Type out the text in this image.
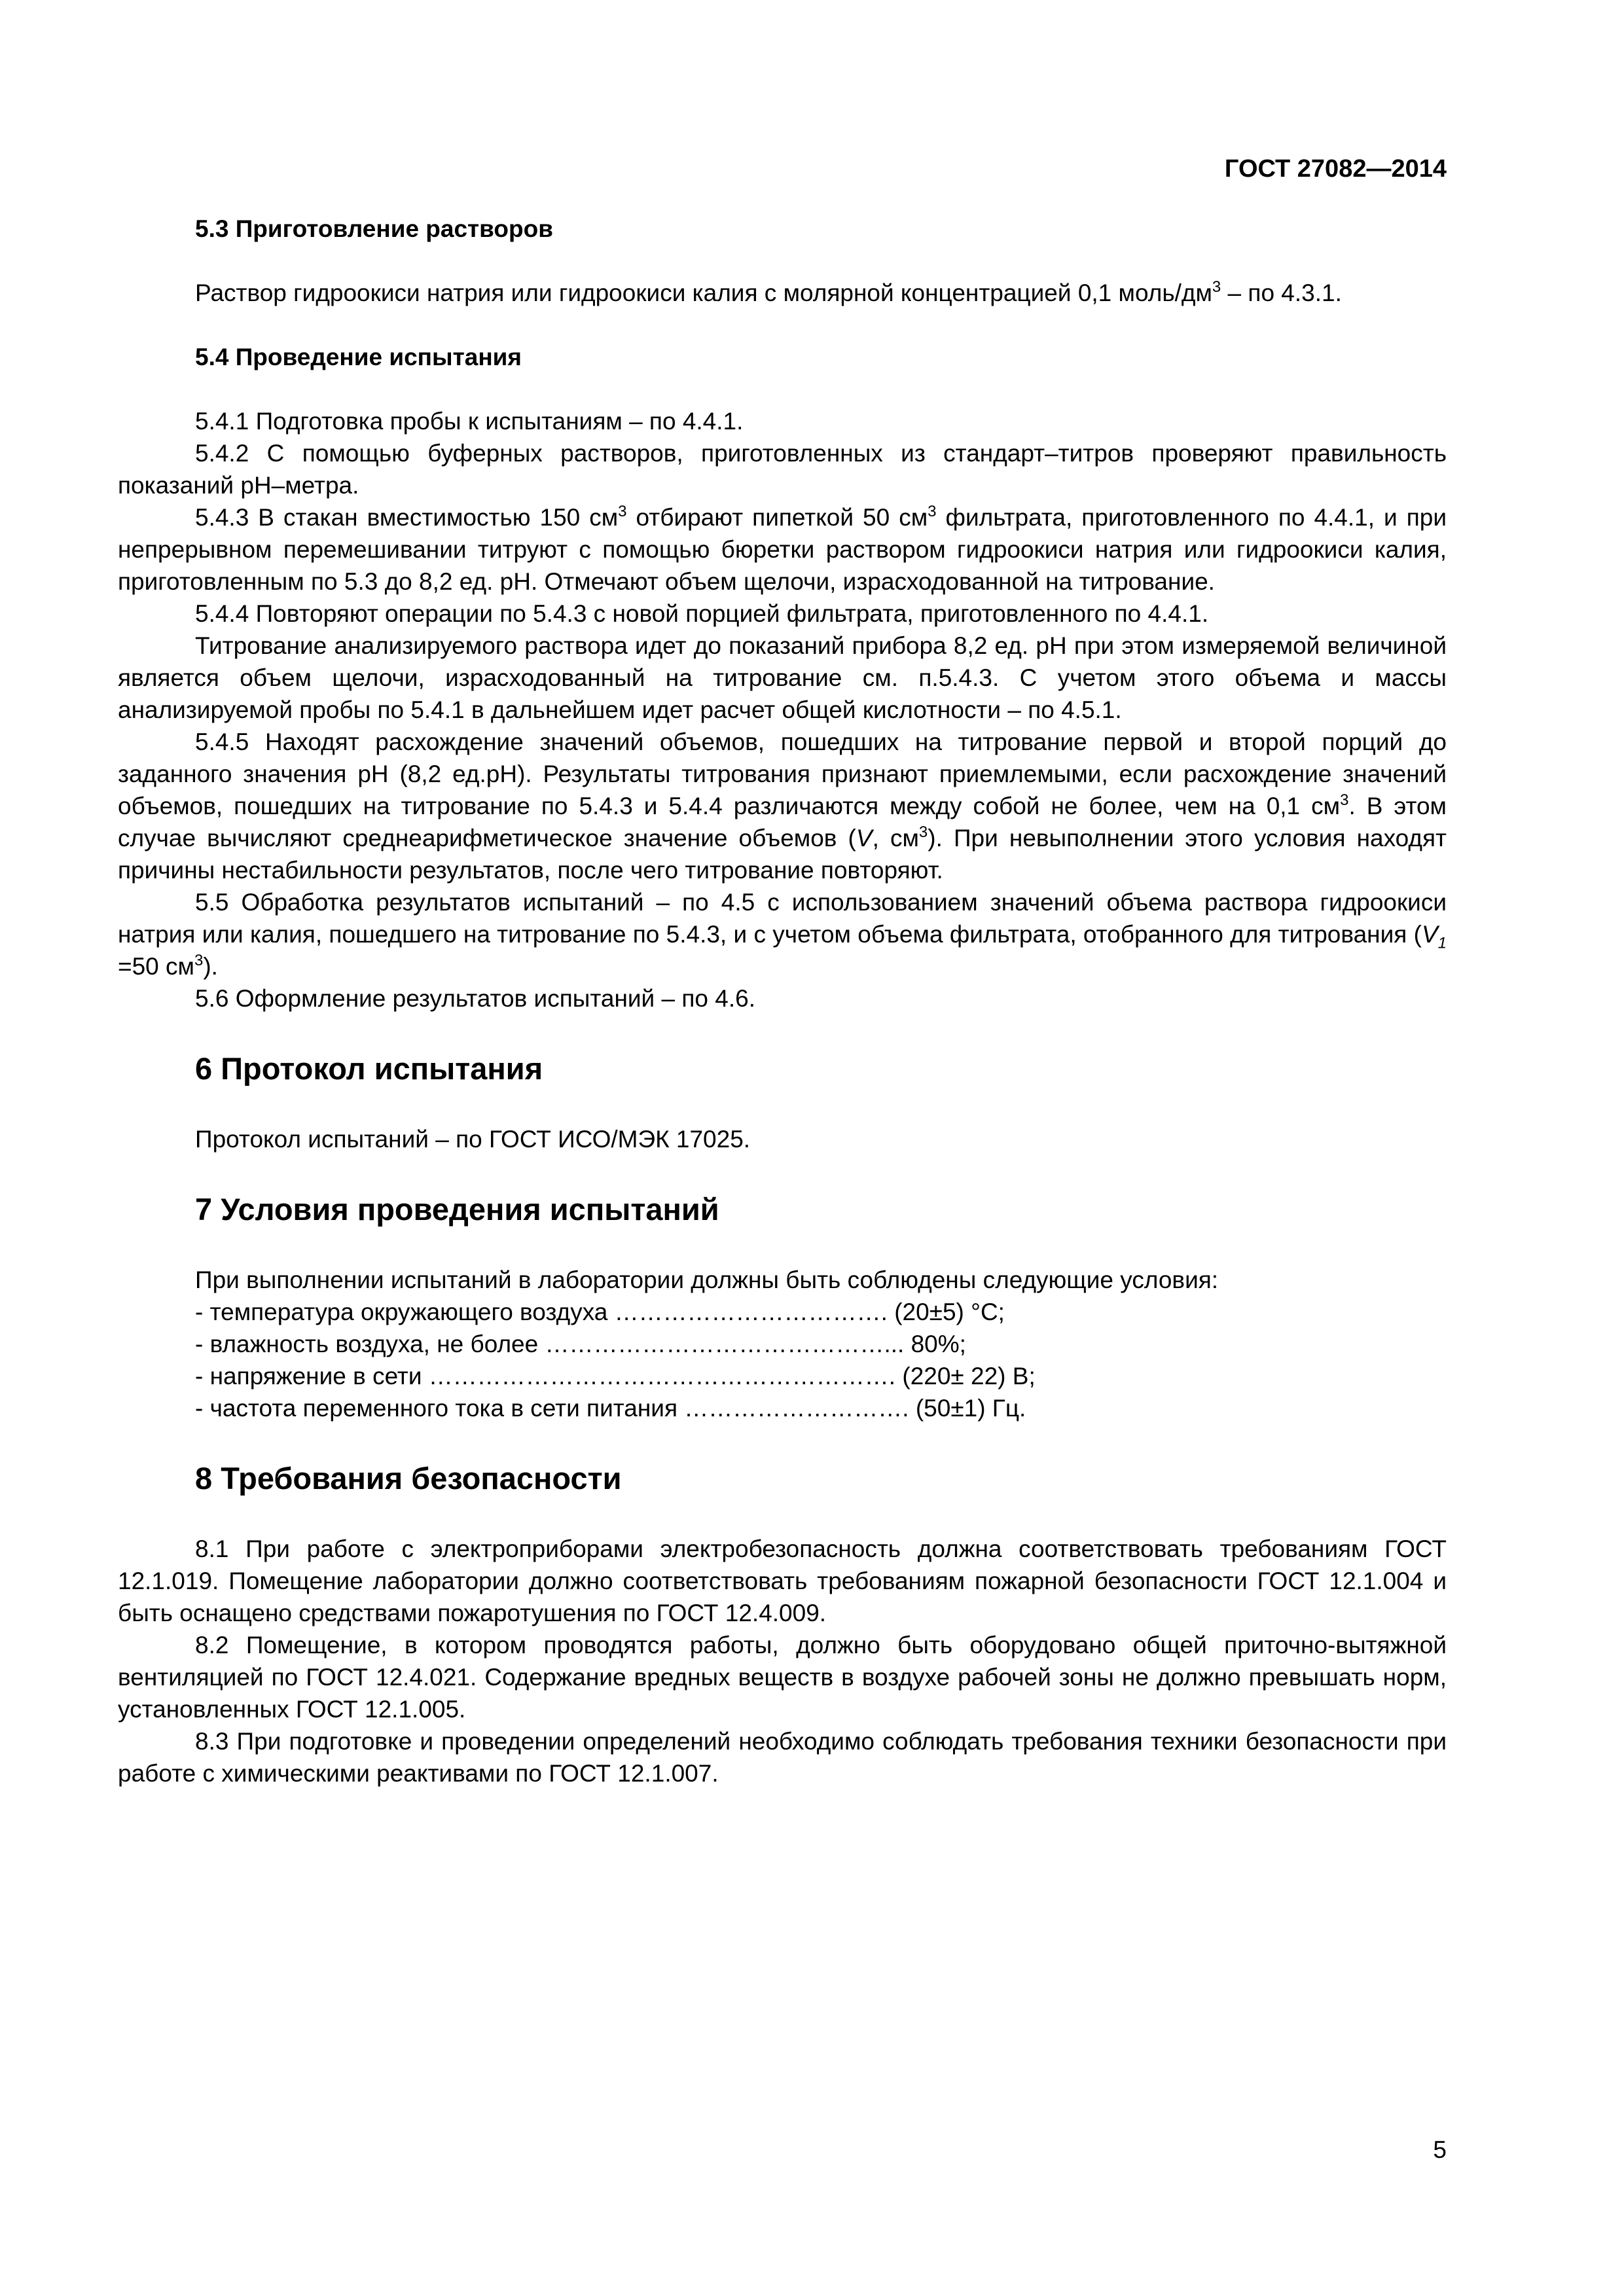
ГОСТ 27082—2014

5.3 Приготовление растворов

Раствор гидроокиси натрия или гидроокиси калия с молярной концентрацией 0,1 моль/$дм^3$ – по 4.3.1.

5.4 Проведение испытания

5.4.1 Подготовка пробы к испытаниям – по 4.4.1.

5.4.2 С помощью буферных растворов, приготовленных из стандарт–титров проверяют правильность показаний pH–метра.

5.4.3 В стакан вместимостью 150 $см^3$ отбирают пипеткой 50 $см^3$ фильтрата, приготовленного по 4.4.1, и при непрерывном перемешивании титруют с помощью бюретки раствором гидроокиси натрия или гидроокиси калия, приготовленным по 5.3 до 8,2 ед. pH. Отмечают объем щелочи, израсходованной на титрование.

5.4.4 Повторяют операции по 5.4.3 с новой порцией фильтрата, приготовленного по 4.4.1.

Титрование анализируемого раствора идет до показаний прибора 8,2 ед. pH при этом измеряемой величиной является объем щелочи, израсходованный на титрование см. п.5.4.3. С учетом этого объема и массы анализируемой пробы по 5.4.1 в дальнейшем идет расчет общей кислотности – по 4.5.1.

5.4.5 Находят расхождение значений объемов, пошедших на титрование первой и второй порций до заданного значения pH (8,2 ед.pH). Результаты титрования признают приемлемыми, если расхождение значений объемов, пошедших на титрование по 5.4.3 и 5.4.4 различаются между собой не более, чем на 0,1 $см^3$. В этом случае вычисляют среднеарифметическое значение объемов (V, $см^3$). При невыполнении этого условия находят причины нестабильности результатов, после чего титрование повторяют.

5.5 Обработка результатов испытаний – по 4.5 с использованием значений объема раствора гидроокиси натрия или калия, пошедшего на титрование по 5.4.3, и с учетом объема фильтрата, отобранного для титрования ($V_1 =50$ $см^3$).

5.6 Оформление результатов испытаний – по 4.6.

6 Протокол испытания

Протокол испытаний – по ГОСТ ИСО/МЭК 17025.

7 Условия проведения испытаний

При выполнении испытаний в лаборатории должны быть соблюдены следующие условия:

- температура окружающего воздуха ……………………………. (20±5) °С;

- влажность воздуха, не более ……………………………………... 80%;

- напряжение в сети …………………………………………………. (220± 22) В;

- частота переменного тока в сети питания ………………………. (50±1) Гц.

8 Требования безопасности

8.1 При работе с электроприборами электробезопасность должна соответствовать требованиям ГОСТ 12.1.019. Помещение лаборатории должно соответствовать требованиям пожарной безопасности ГОСТ 12.1.004 и быть оснащено средствами пожаротушения по ГОСТ 12.4.009.

8.2 Помещение, в котором проводятся работы, должно быть оборудовано общей приточно-вытяжной вентиляцией по ГОСТ 12.4.021. Содержание вредных веществ в воздухе рабочей зоны не должно превышать норм, установленных ГОСТ 12.1.005.

8.3 При подготовке и проведении определений необходимо соблюдать требования техники безопасности при работе с химическими реактивами по ГОСТ 12.1.007.

5
